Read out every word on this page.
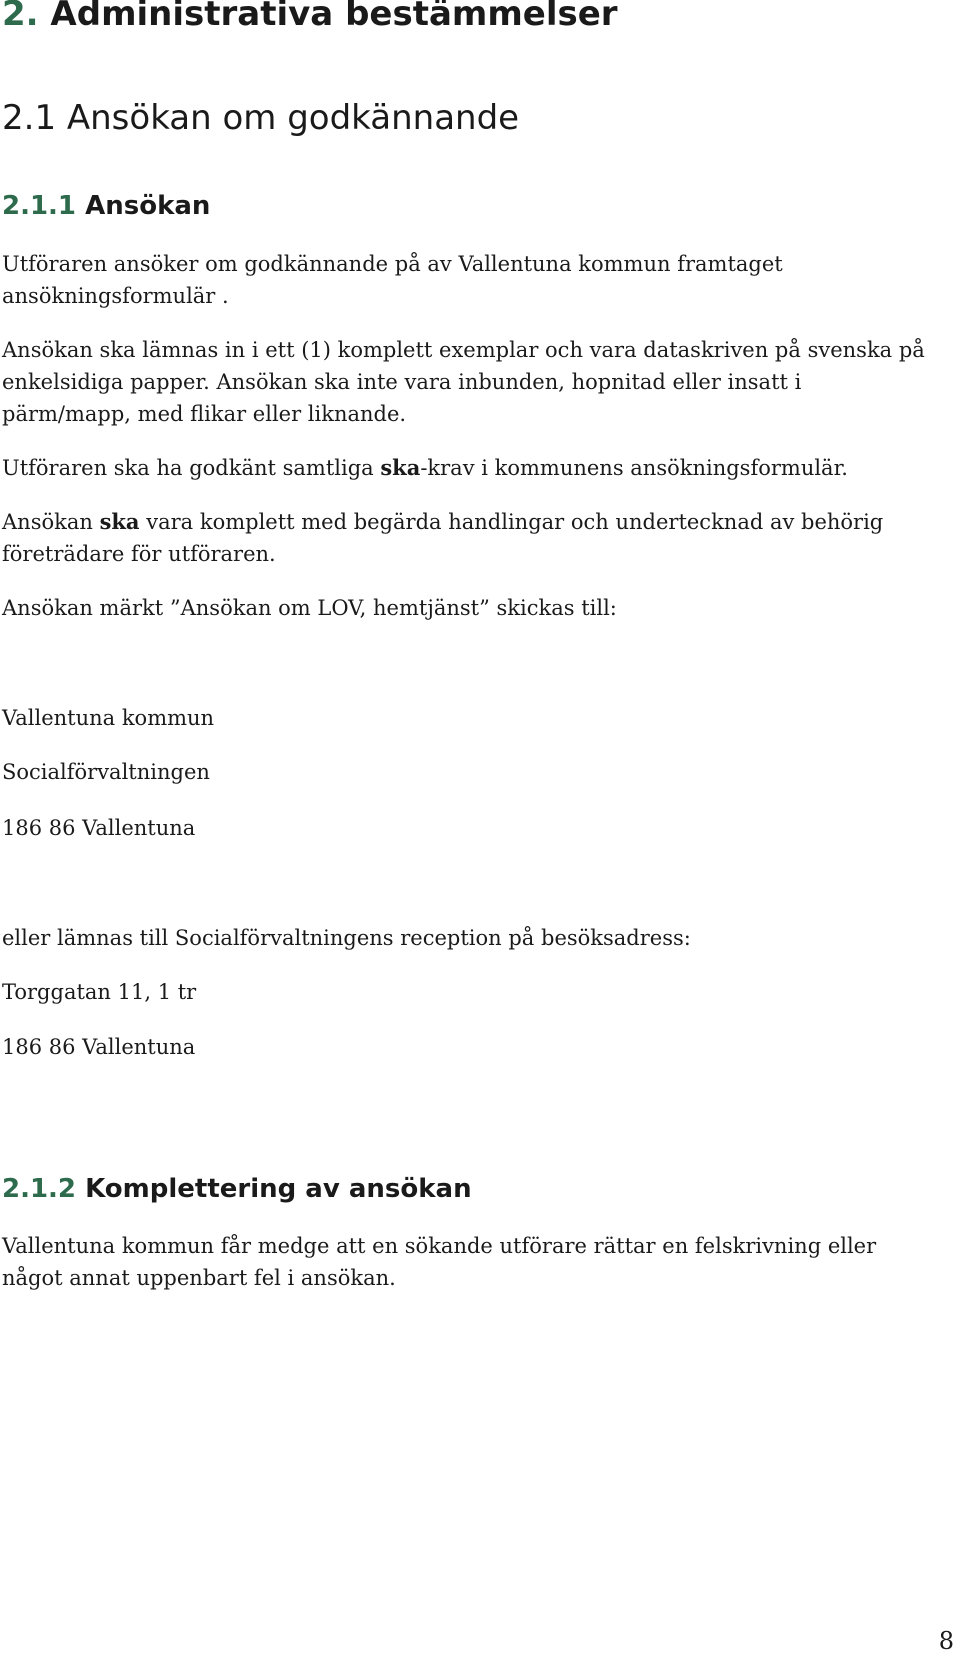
2. Administrativa bestämmelser
2.1 Ansökan om godkännande
2.1.1 Ansökan
Utföraren ansöker om godkännande på av Vallentuna kommun framtaget
ansökningsformulär .
Ansökan ska lämnas in i ett (1) komplett exemplar och vara dataskriven på svenska på
enkelsidiga papper. Ansökan ska inte vara inbunden, hopnitad eller insatt i
pärm/mapp, med flikar eller liknande.
Utföraren ska ha godkänt samtliga ska-krav i kommunens ansökningsformulär.
Ansökan ska vara komplett med begärda handlingar och undertecknad av behörig
företrädare för utföraren.
Ansökan märkt ”Ansökan om LOV, hemtjänst” skickas till:
Vallentuna kommun
Socialförvaltningen
186 86 Vallentuna
eller lämnas till Socialförvaltningens reception på besöksadress:
Torggatan 11, 1 tr
186 86 Vallentuna
2.1.2 Komplettering av ansökan
Vallentuna kommun får medge att en sökande utförare rättar en felskrivning eller
något annat uppenbart fel i ansökan.
8
